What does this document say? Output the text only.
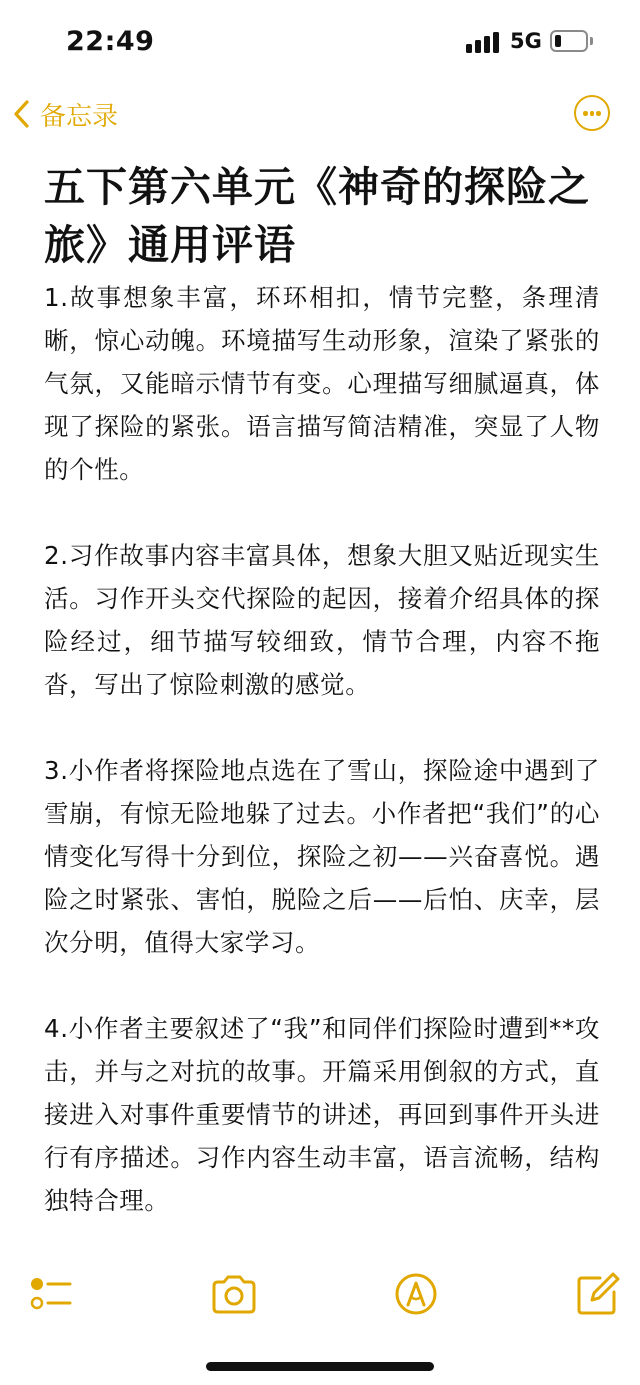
22:49	5G
备忘录
五下第六单元《神奇的探险之旅》通用评语

1.故事想象丰富，环环相扣，情节完整，条理清晰，惊心动魄。环境描写生动形象，渲染了紧张的气氛，又能暗示情节有变。心理描写细腻逼真，体现了探险的紧张。语言描写简洁精准，突显了人物的个性。

2.习作故事内容丰富具体，想象大胆又贴近现实生活。习作开头交代探险的起因，接着介绍具体的探险经过，细节描写较细致，情节合理，内容不拖沓，写出了惊险刺激的感觉。

3.小作者将探险地点选在了雪山，探险途中遇到了雪崩，有惊无险地躲了过去。小作者把“我们”的心情变化写得十分到位，探险之初——兴奋喜悦。遇险之时紧张、害怕，脱险之后——后怕、庆幸，层次分明，值得大家学习。

4.小作者主要叙述了“我”和同伴们探险时遭到**攻击，并与之对抗的故事。开篇采用倒叙的方式，直接进入对事件重要情节的讲述，再回到事件开头进行有序描述。习作内容生动丰富，语言流畅，结构独特合理。
